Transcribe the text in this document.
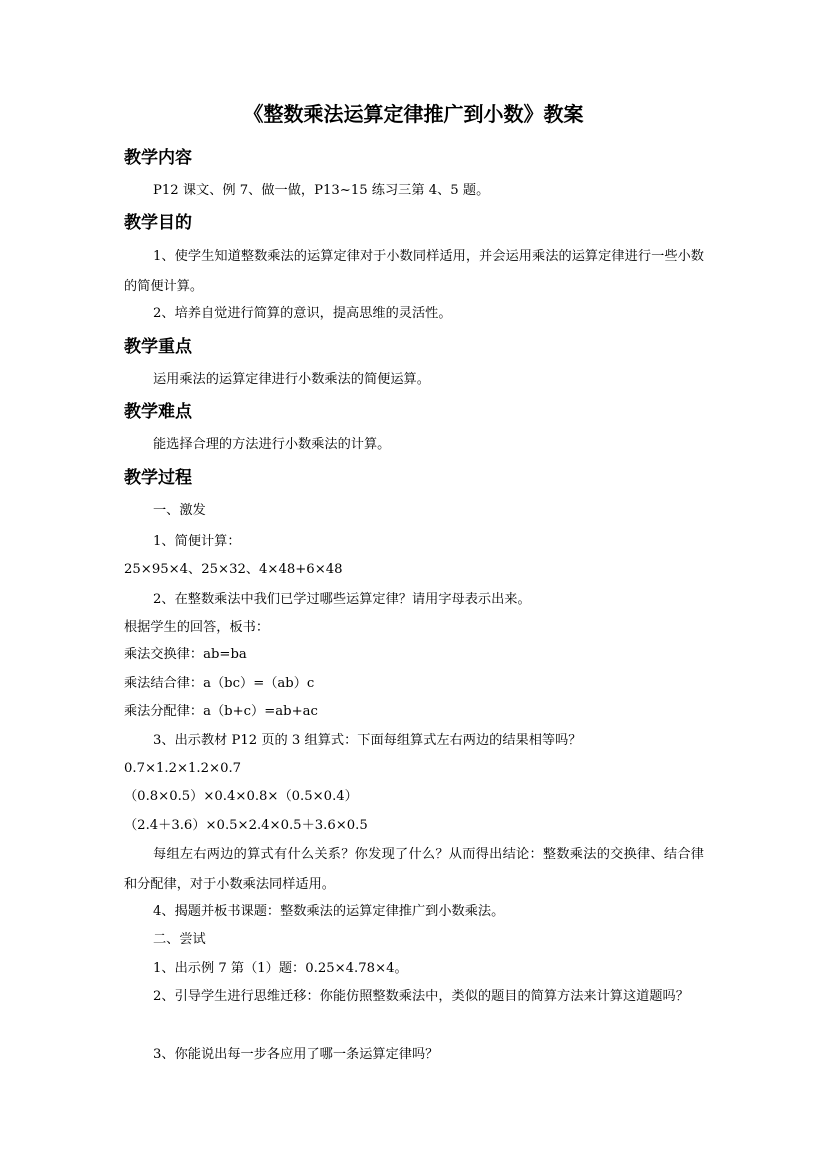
《整数乘法运算定律推广到小数》教案
教学内容
P12 课文、例 7、做一做，P13~15 练习三第 4、5 题。
教学目的
1、使学生知道整数乘法的运算定律对于小数同样适用，并会运用乘法的运算定律进行一些小数的简便计算。
2、培养自觉进行简算的意识，提高思维的灵活性。
教学重点
运用乘法的运算定律进行小数乘法的简便运算。
教学难点
能选择合理的方法进行小数乘法的计算。
教学过程
一、激发
1、简便计算：
25×95×4、25×32、4×48+6×48
2、在整数乘法中我们已学过哪些运算定律？请用字母表示出来。
根据学生的回答，板书：
乘法交换律：ab=ba
乘法结合律：a（bc）=（ab）c
乘法分配律：a（b+c）=ab+ac
3、出示教材 P12 页的 3 组算式：下面每组算式左右两边的结果相等吗？
0.7×1.2×1.2×0.7
（0.8×0.5）×0.4×0.8×（0.5×0.4）
（2.4＋3.6）×0.5×2.4×0.5＋3.6×0.5
每组左右两边的算式有什么关系？你发现了什么？从而得出结论：整数乘法的交换律、结合律和分配律，对于小数乘法同样适用。
4、揭题并板书课题：整数乘法的运算定律推广到小数乘法。
二、尝试
1、出示例 7 第（1）题：0.25×4.78×4。
2、引导学生进行思维迁移：你能仿照整数乘法中，类似的题目的简算方法来计算这道题吗？
3、你能说出每一步各应用了哪一条运算定律吗？
